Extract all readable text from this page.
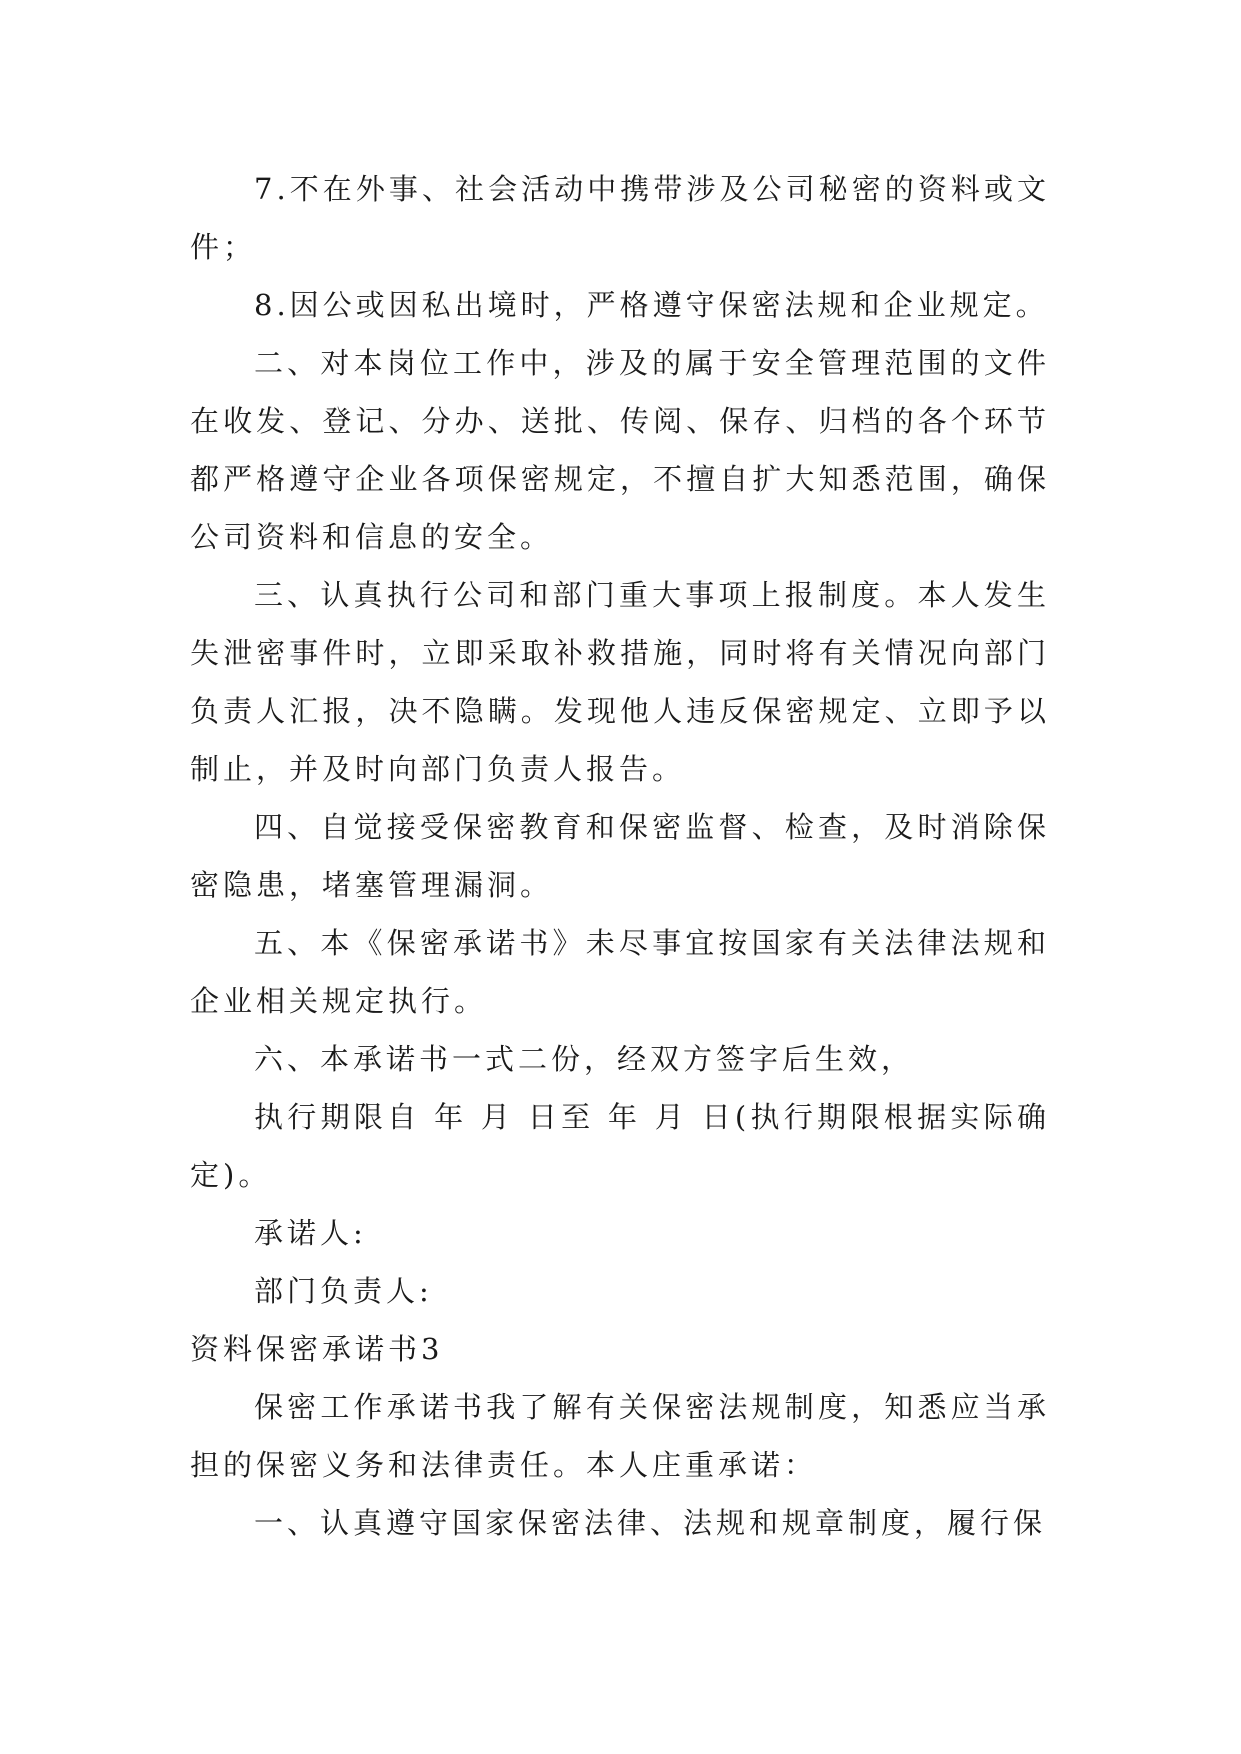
7.不在外事、社会活动中携带涉及公司秘密的资料或文件；

8.因公或因私出境时，严格遵守保密法规和企业规定。

二、对本岗位工作中，涉及的属于安全管理范围的文件在收发、登记、分办、送批、传阅、保存、归档的各个环节都严格遵守企业各项保密规定，不擅自扩大知悉范围，确保公司资料和信息的安全。

三、认真执行公司和部门重大事项上报制度。本人发生失泄密事件时，立即采取补救措施，同时将有关情况向部门负责人汇报，决不隐瞒。发现他人违反保密规定、立即予以制止，并及时向部门负责人报告。

四、自觉接受保密教育和保密监督、检查，及时消除保密隐患，堵塞管理漏洞。

五、本《保密承诺书》未尽事宜按国家有关法律法规和企业相关规定执行。

六、本承诺书一式二份，经双方签字后生效，

执行期限自 年 月 日至 年 月 日(执行期限根据实际确定)。

承诺人:

部门负责人:

资料保密承诺书3

保密工作承诺书我了解有关保密法规制度，知悉应当承担的保密义务和法律责任。本人庄重承诺：

一、认真遵守国家保密法律、法规和规章制度，履行保
